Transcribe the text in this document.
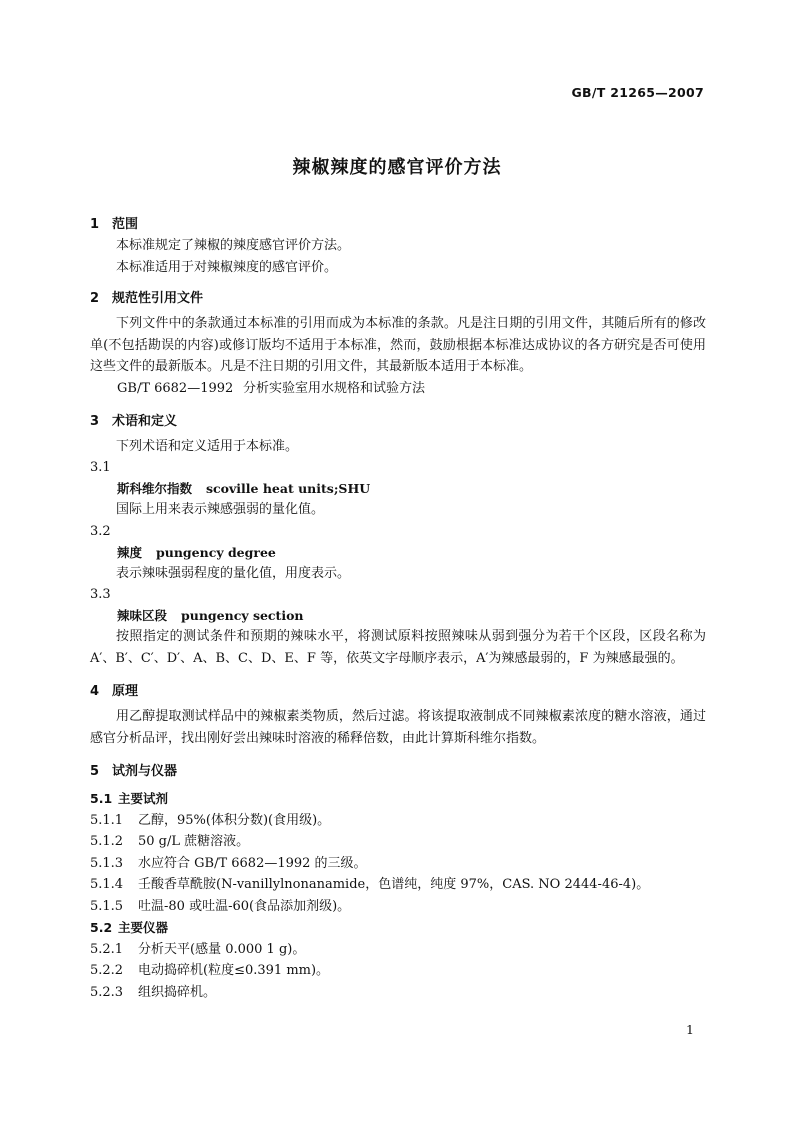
GB/T 21265—2007
辣椒辣度的感官评价方法
1 范围
本标准规定了辣椒的辣度感官评价方法。
本标准适用于对辣椒辣度的感官评价。
2 规范性引用文件
下列文件中的条款通过本标准的引用而成为本标准的条款。凡是注日期的引用文件，其随后所有的修改单(不包括勘误的内容)或修订版均不适用于本标准，然而，鼓励根据本标准达成协议的各方研究是否可使用这些文件的最新版本。凡是不注日期的引用文件，其最新版本适用于本标准。
GB/T 6682—1992 分析实验室用水规格和试验方法
3 术语和定义
下列术语和定义适用于本标准。
3.1
斯科维尔指数 scoville heat units;SHU
国际上用来表示辣感强弱的量化值。
3.2
辣度 pungency degree
表示辣味强弱程度的量化值，用度表示。
3.3
辣味区段 pungency section
按照指定的测试条件和预期的辣味水平，将测试原料按照辣味从弱到强分为若干个区段，区段名称为 A′、B′、C′、D′、A、B、C、D、E、F 等，依英文字母顺序表示，A′为辣感最弱的，F 为辣感最强的。
4 原理
用乙醇提取测试样品中的辣椒素类物质，然后过滤。将该提取液制成不同辣椒素浓度的糖水溶液，通过感官分析品评，找出刚好尝出辣味时溶液的稀释倍数，由此计算斯科维尔指数。
5 试剂与仪器
5.1 主要试剂
5.1.1 乙醇，95%(体积分数)(食用级)。
5.1.2 50 g/L 蔗糖溶液。
5.1.3 水应符合 GB/T 6682—1992 的三级。
5.1.4 壬酸香草酰胺(N-vanillylnonanamide，色谱纯，纯度 97%，CAS. NO 2444-46-4)。
5.1.5 吐温-80 或吐温-60(食品添加剂级)。
5.2 主要仪器
5.2.1 分析天平(感量 0.000 1 g)。
5.2.2 电动捣碎机(粒度≤0.391 mm)。
5.2.3 组织捣碎机。
1
